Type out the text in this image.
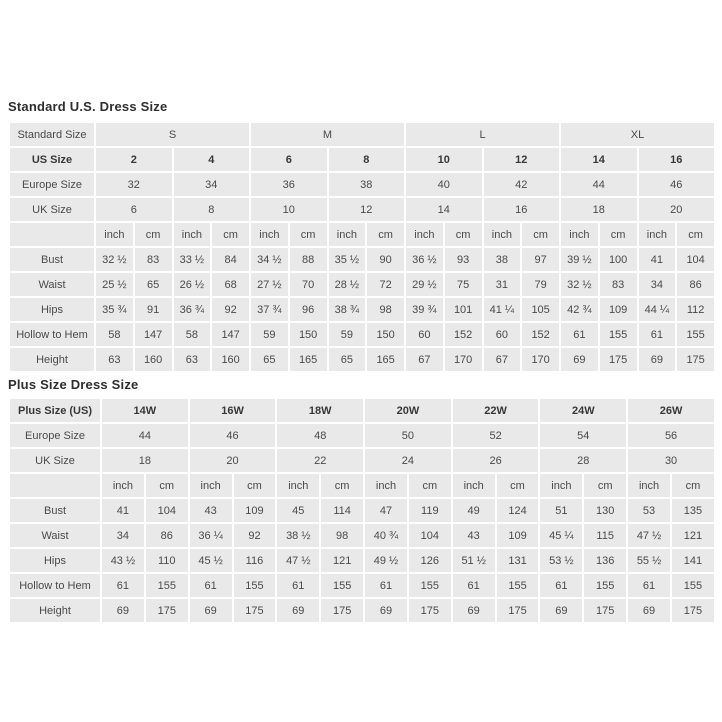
Standard U.S. Dress Size
Standard Size	S				M				L				XL			
US Size	2		4		6		8		10		12		14		16	
Europe Size	32		34		36		38		40		42		44		46	
UK Size	6		8		10		12		14		16		18		20	
	inch	cm	inch	cm	inch	cm	inch	cm	inch	cm	inch	cm	inch	cm	inch	cm
Bust	32 ½	83	33 ½	84	34 ½	88	35 ½	90	36 ½	93	38	97	39 ½	100	41	104
Waist	25 ½	65	26 ½	68	27 ½	70	28 ½	72	29 ½	75	31	79	32 ½	83	34	86
Hips	35 ¾	91	36 ¾	92	37 ¾	96	38 ¾	98	39 ¾	101	41 ¼	105	42 ¾	109	44 ¼	112
Hollow to Hem	58	147	58	147	59	150	59	150	60	152	60	152	61	155	61	155
Height	63	160	63	160	65	165	65	165	67	170	67	170	69	175	69	175
Plus Size Dress Size
Plus Size (US)	14W		16W		18W		20W		22W		24W		26W	
Europe Size	44		46		48		50		52		54		56	
UK Size	18		20		22		24		26		28		30	
	inch	cm	inch	cm	inch	cm	inch	cm	inch	cm	inch	cm	inch	cm
Bust	41	104	43	109	45	114	47	119	49	124	51	130	53	135
Waist	34	86	36 ¼	92	38 ½	98	40 ¾	104	43	109	45 ¼	115	47 ½	121
Hips	43 ½	110	45 ½	116	47 ½	121	49 ½	126	51 ½	131	53 ½	136	55 ½	141
Hollow to Hem	61	155	61	155	61	155	61	155	61	155	61	155	61	155
Height	69	175	69	175	69	175	69	175	69	175	69	175	69	175
